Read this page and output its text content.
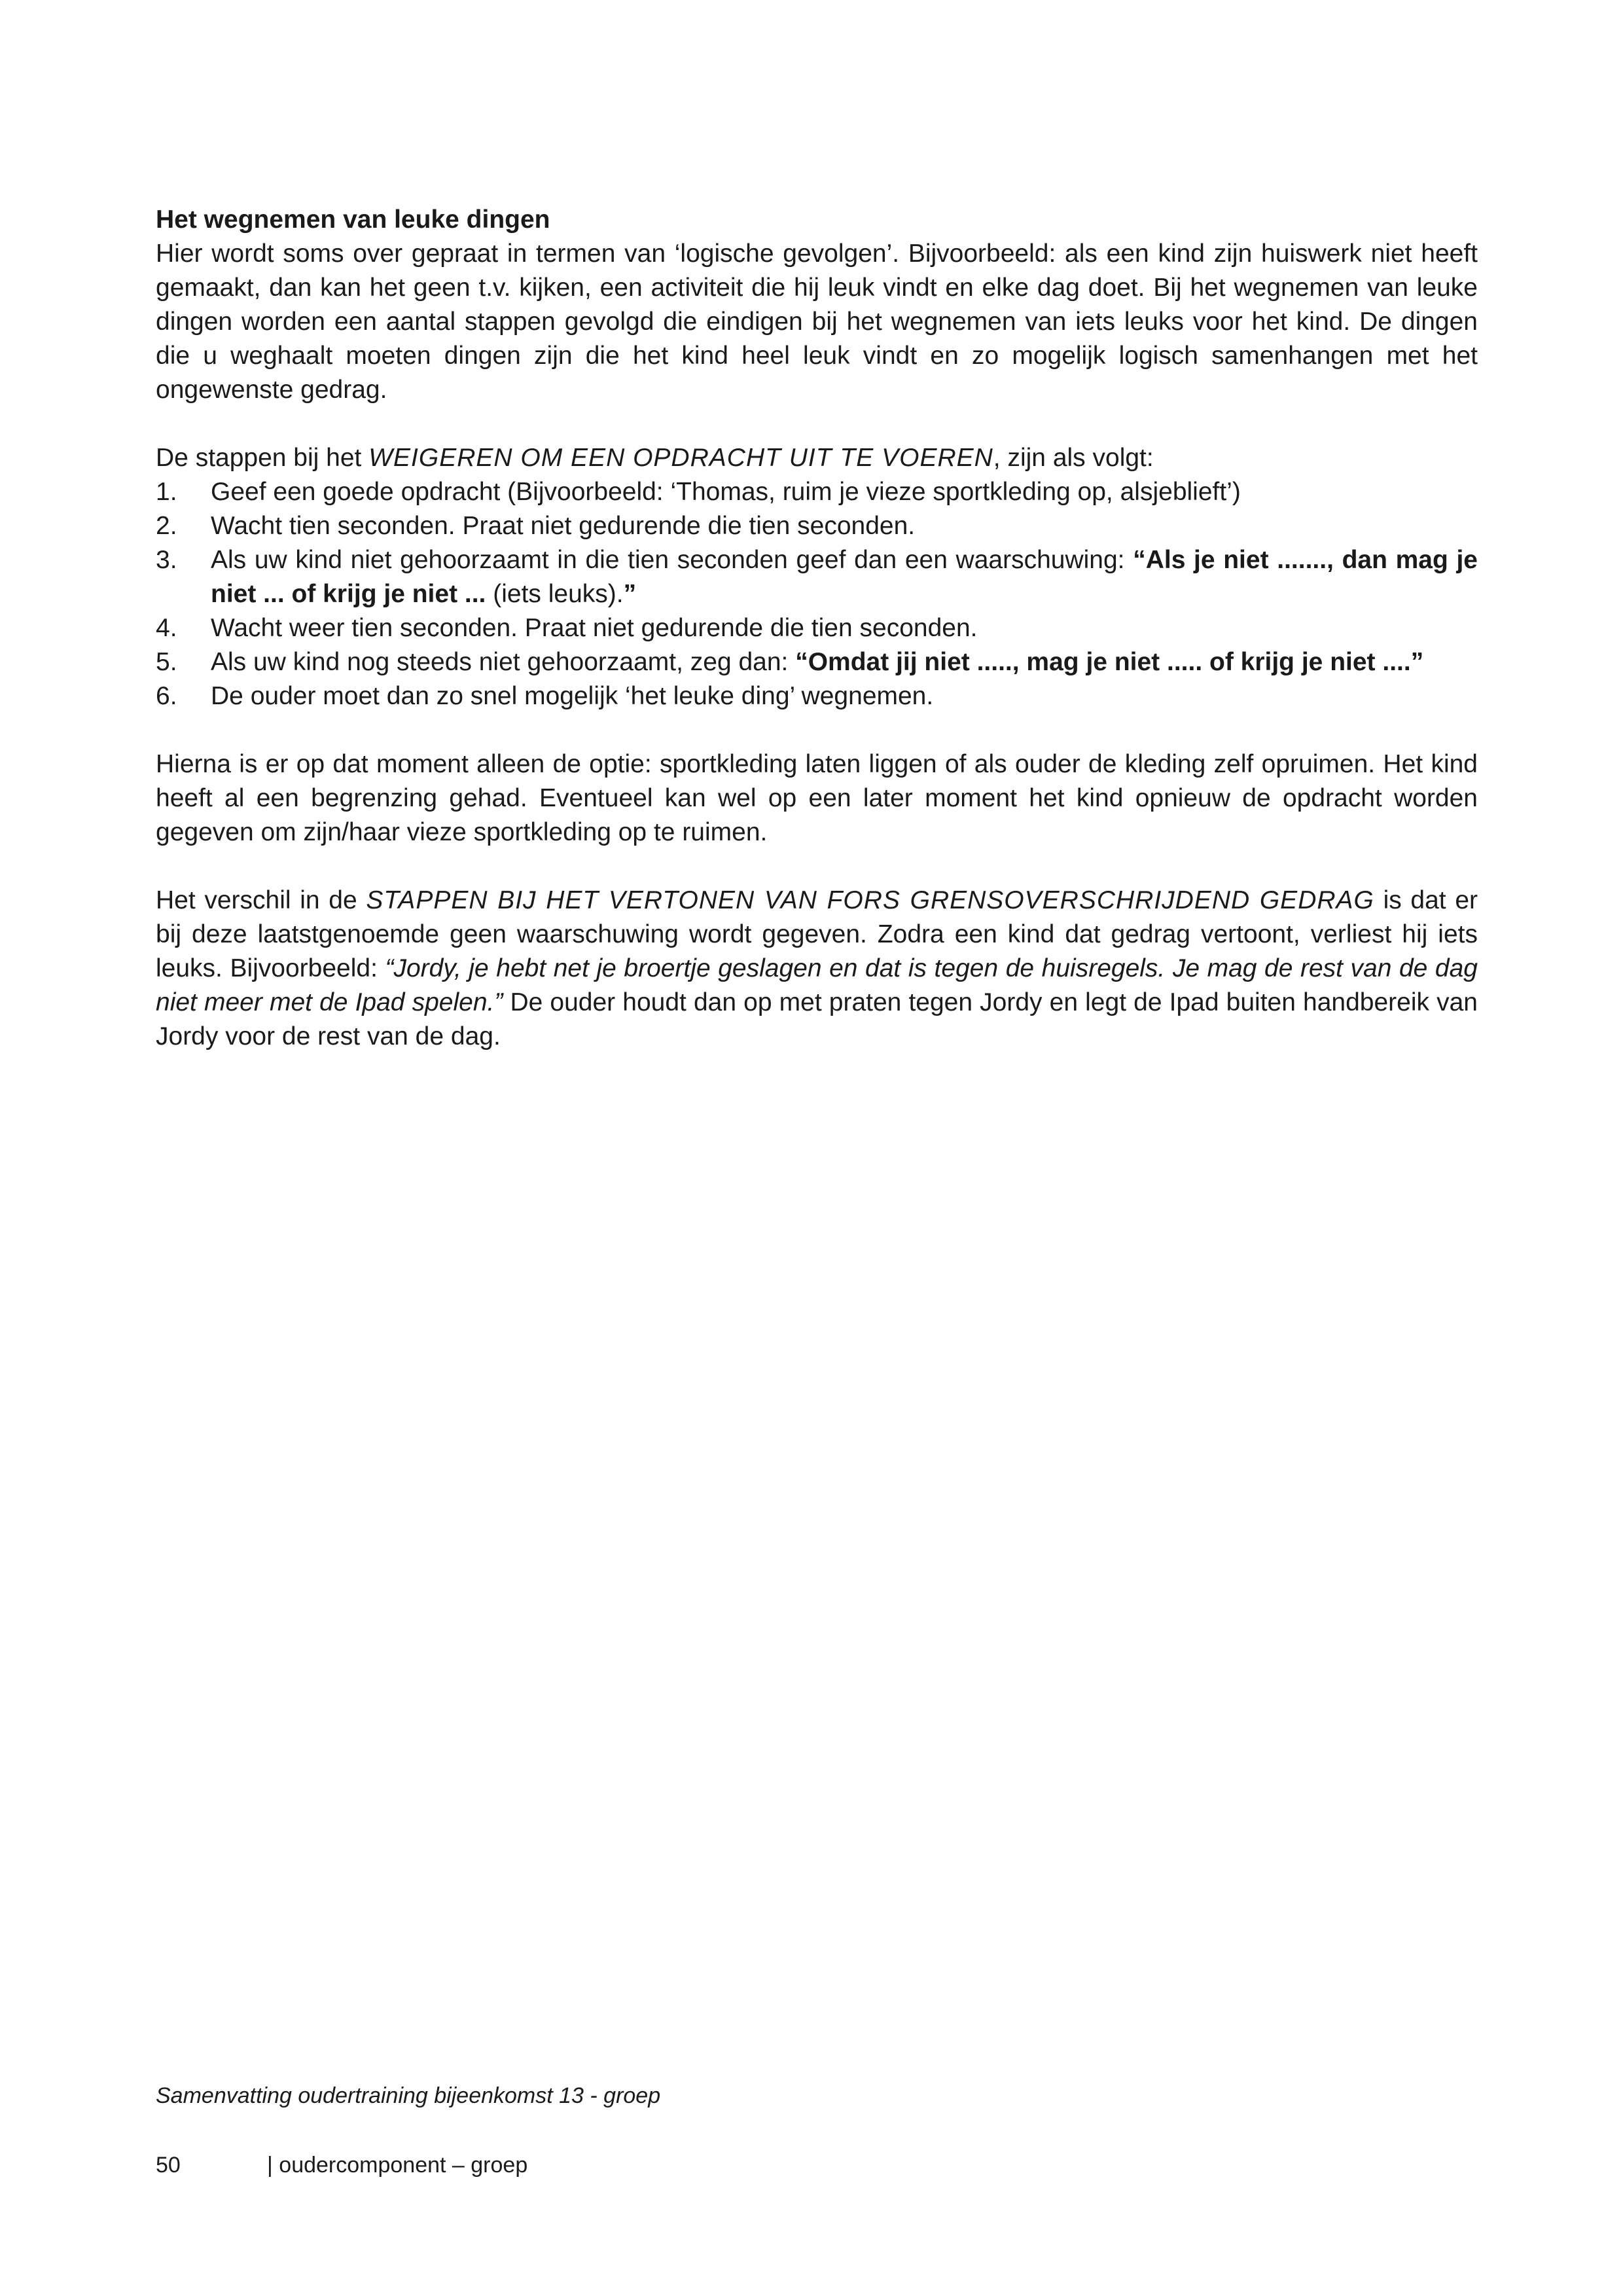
Het wegnemen van leuke dingen

Hier wordt soms over gepraat in termen van ‘logische gevolgen’. Bijvoorbeeld: als een kind zijn huiswerk niet heeft gemaakt, dan kan het geen t.v. kijken, een activiteit die hij leuk vindt en elke dag doet. Bij het wegnemen van leuke dingen worden een aantal stappen gevolgd die eindigen bij het wegnemen van iets leuks voor het kind. De dingen die u weghaalt moeten dingen zijn die het kind heel leuk vindt en zo mogelijk logisch samenhangen met het ongewenste gedrag.

De stappen bij het WEIGEREN OM EEN OPDRACHT UIT TE VOEREN, zijn als volgt:

1.	Geef een goede opdracht (Bijvoorbeeld: ‘Thomas, ruim je vieze sportkleding op, alsjeblieft’)
2.	Wacht tien seconden. Praat niet gedurende die tien seconden.
3.	Als uw kind niet gehoorzaamt in die tien seconden geef dan een waarschuwing: “Als je niet ......., dan mag je niet ... of krijg je niet ... (iets leuks).”
4.	Wacht weer tien seconden. Praat niet gedurende die tien seconden.
5.	Als uw kind nog steeds niet gehoorzaamt, zeg dan: “Omdat jij niet ....., mag je niet ..... of krijg je niet ....”
6.	De ouder moet dan zo snel mogelijk ‘het leuke ding’ wegnemen.

Hierna is er op dat moment alleen de optie: sportkleding laten liggen of als ouder de kleding zelf opruimen. Het kind heeft al een begrenzing gehad. Eventueel kan wel op een later moment het kind opnieuw de opdracht worden gegeven om zijn/haar vieze sportkleding op te ruimen.

Het verschil in de STAPPEN BIJ HET VERTONEN VAN FORS GRENSOVERSCHRIJDEND GEDRAG is dat er bij deze laatstgenoemde geen waarschuwing wordt gegeven. Zodra een kind dat gedrag vertoont, verliest hij iets leuks. Bijvoorbeeld: “Jordy, je hebt net je broertje geslagen en dat is tegen de huisregels. Je mag de rest van de dag niet meer met de Ipad spelen.” De ouder houdt dan op met praten tegen Jordy en legt de Ipad buiten handbereik van Jordy voor de rest van de dag.

Samenvatting oudertraining bijeenkomst 13 - groep
50	| oudercomponent – groep
